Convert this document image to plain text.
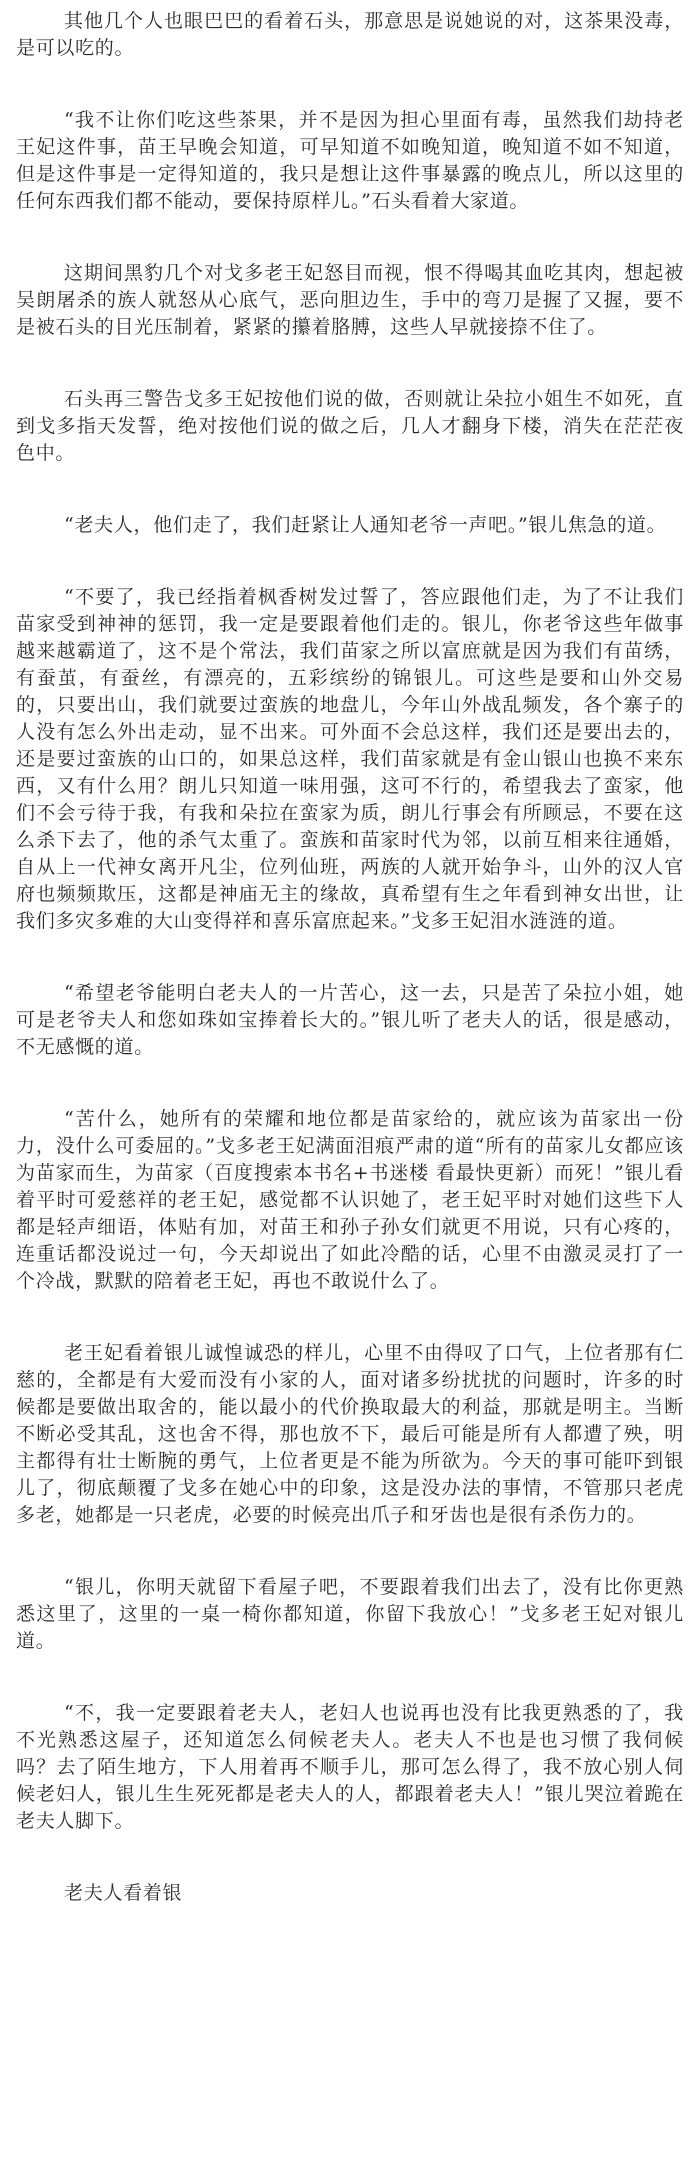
其他几个人也眼巴巴的看着石头，那意思是说她说的对，这茶果没毒，是可以吃的。

“我不让你们吃这些茶果，并不是因为担心里面有毒，虽然我们劫持老王妃这件事，苗王早晚会知道，可早知道不如晚知道，晚知道不如不知道，但是这件事是一定得知道的，我只是想让这件事暴露的晚点儿，所以这里的任何东西我们都不能动，要保持原样儿。”石头看着大家道。

这期间黑豹几个对戈多老王妃怒目而视，恨不得喝其血吃其肉，想起被吴朗屠杀的族人就怒从心底气，恶向胆边生，手中的弯刀是握了又握，要不是被石头的目光压制着，紧紧的攥着胳膊，这些人早就接捺不住了。

石头再三警告戈多王妃按他们说的做，否则就让朵拉小姐生不如死，直到戈多指天发誓，绝对按他们说的做之后，几人才翻身下楼，消失在茫茫夜色中。

“老夫人，他们走了，我们赶紧让人通知老爷一声吧。”银儿焦急的道。

“不要了，我已经指着枫香树发过誓了，答应跟他们走，为了不让我们苗家受到神神的惩罚，我一定是要跟着他们走的。银儿，你老爷这些年做事越来越霸道了，这不是个常法，我们苗家之所以富庶就是因为我们有苗绣，有蚕茧，有蚕丝，有漂亮的，五彩缤纷的锦银儿。可这些是要和山外交易的，只要出山，我们就要过蛮族的地盘儿，今年山外战乱频发，各个寨子的人没有怎么外出走动，显不出来。可外面不会总这样，我们还是要出去的，还是要过蛮族的山口的，如果总这样，我们苗家就是有金山银山也换不来东西，又有什么用？朗儿只知道一味用强，这可不行的，希望我去了蛮家，他们不会亏待于我，有我和朵拉在蛮家为质，朗儿行事会有所顾忌，不要在这么杀下去了，他的杀气太重了。蛮族和苗家时代为邻，以前互相来往通婚，自从上一代神女离开凡尘，位列仙班，两族的人就开始争斗，山外的汉人官府也频频欺压，这都是神庙无主的缘故，真希望有生之年看到神女出世，让我们多灾多难的大山变得祥和喜乐富庶起来。”戈多王妃泪水涟涟的道。

“希望老爷能明白老夫人的一片苦心，这一去，只是苦了朵拉小姐，她可是老爷夫人和您如珠如宝捧着长大的。”银儿听了老夫人的话，很是感动，不无感慨的道。

“苦什么，她所有的荣耀和地位都是苗家给的，就应该为苗家出一份力，没什么可委屈的。”戈多老王妃满面泪痕严肃的道“所有的苗家儿女都应该为苗家而生，为苗家（百度搜索本书名+书迷楼 看最快更新）而死！”银儿看着平时可爱慈祥的老王妃，感觉都不认识她了，老王妃平时对她们这些下人都是轻声细语，体贴有加，对苗王和孙子孙女们就更不用说，只有心疼的，连重话都没说过一句，今天却说出了如此冷酷的话，心里不由激灵灵打了一个冷战，默默的陪着老王妃，再也不敢说什么了。

老王妃看着银儿诚惶诚恐的样儿，心里不由得叹了口气，上位者那有仁慈的，全都是有大爱而没有小家的人，面对诸多纷扰扰的问题时，许多的时候都是要做出取舍的，能以最小的代价换取最大的利益，那就是明主。当断不断必受其乱，这也舍不得，那也放不下，最后可能是所有人都遭了殃，明主都得有壮士断腕的勇气，上位者更是不能为所欲为。今天的事可能吓到银儿了，彻底颠覆了戈多在她心中的印象，这是没办法的事情，不管那只老虎多老，她都是一只老虎，必要的时候亮出爪子和牙齿也是很有杀伤力的。

“银儿，你明天就留下看屋子吧，不要跟着我们出去了，没有比你更熟悉这里了，这里的一桌一椅你都知道，你留下我放心！”戈多老王妃对银儿道。

“不，我一定要跟着老夫人，老妇人也说再也没有比我更熟悉的了，我不光熟悉这屋子，还知道怎么伺候老夫人。老夫人不也是也习惯了我伺候吗？去了陌生地方，下人用着再不顺手儿，那可怎么得了，我不放心别人伺候老妇人，银儿生生死死都是老夫人的人，都跟着老夫人！”银儿哭泣着跪在老夫人脚下。

老夫人看着银
